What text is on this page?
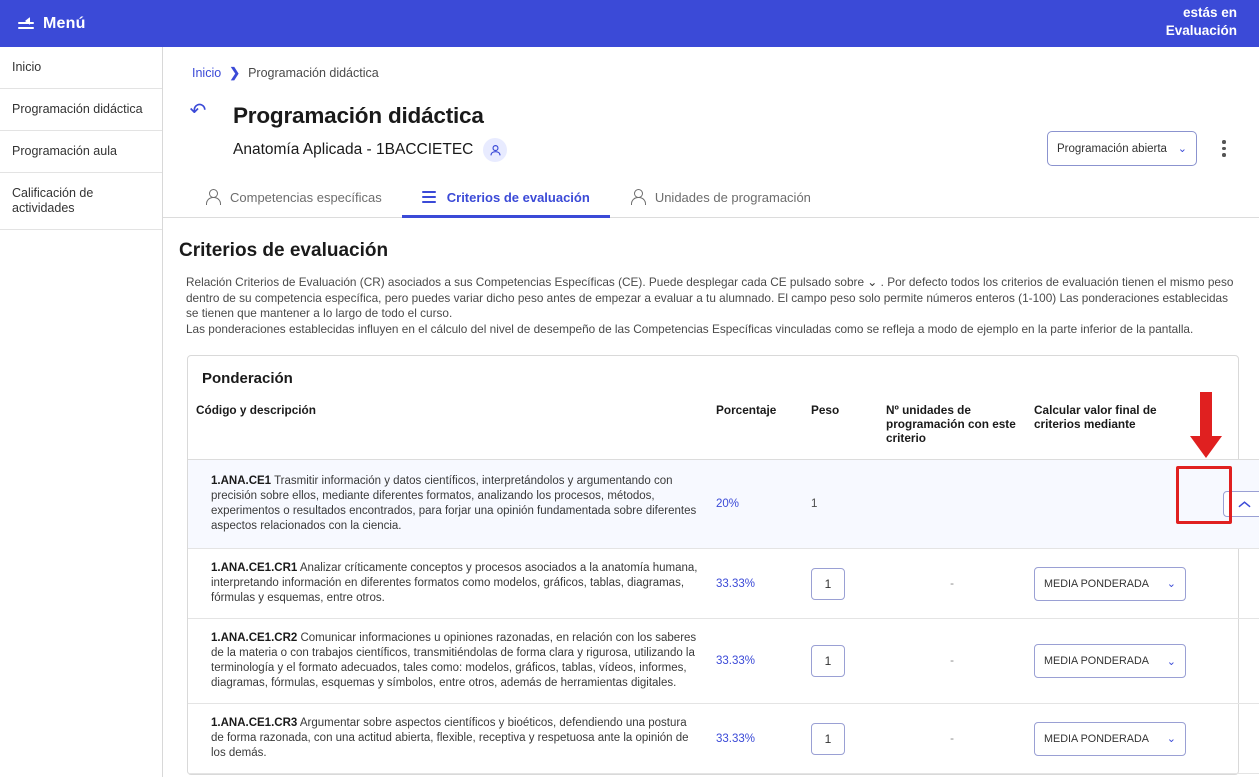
Menú
estás en
Evaluación
Inicio
Programación didáctica
Programación aula
Calificación de actividades
Inicio ❯ Programación didáctica
↶	Programación didáctica
Anatomía Aplicada - 1BACCIETEC	Programación abierta ⌄
Competencias específicas	Criterios de evaluación	Unidades de programación
Criterios de evaluación

Relación Criterios de Evaluación (CR) asociados a sus Competencias Específicas (CE). Puede desplegar cada CE pulsado sobre ⌄ . Por defecto todos los criterios de evaluación tienen el mismo peso dentro de su competencia específica, pero puedes variar dicho peso antes de empezar a evaluar a tu alumnado. El campo peso solo permite números enteros (1-100) Las ponderaciones establecidas se tienen que mantener a lo largo de todo el curso.

Las ponderaciones establecidas influyen en el cálculo del nivel de desempeño de las Competencias Específicas vinculadas como se refleja a modo de ejemplo en la parte inferior de la pantalla.

Ponderación
Código y descripción	Porcentaje	Peso	Nº unidades de programación con este criterio	Calcular valor final de criterios mediante	
1.ANA.CE1 Trasmitir información y datos científicos, interpretándolos y argumentando con precisión sobre ellos, mediante diferentes formatos, analizando los procesos, métodos, experimentos o resultados encontrados, para forjar una opinión fundamentada sobre diferentes aspectos relacionados con la ciencia.	20%	1			

1.ANA.CE1.CR1 Analizar críticamente conceptos y procesos asociados a la anatomía humana, interpretando información en diferentes formatos como modelos, gráficos, tablas, diagramas, fórmulas y esquemas, entre otros.	33.33%	1	-	MEDIA PONDERADA ⌄	

1.ANA.CE1.CR2 Comunicar informaciones u opiniones razonadas, en relación con los saberes de la materia o con trabajos científicos, transmitiéndolas de forma clara y rigurosa, utilizando la terminología y el formato adecuados, tales como: modelos, gráficos, tablas, vídeos, informes, diagramas, fórmulas, esquemas y símbolos, entre otros, además de herramientas digitales.	33.33%	1	-	MEDIA PONDERADA ⌄	

1.ANA.CE1.CR3 Argumentar sobre aspectos científicos y bioéticos, defendiendo una postura de forma razonada, con una actitud abierta, flexible, receptiva y respetuosa ante la opinión de los demás.	33.33%	1	-	MEDIA PONDERADA ⌄	
